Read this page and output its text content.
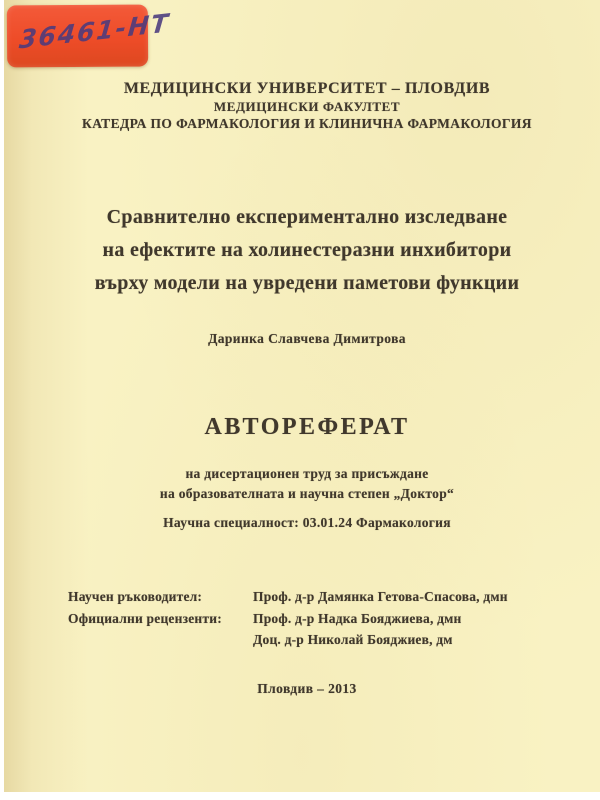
МЕДИЦИНСКИ УНИВЕРСИТЕТ – ПЛОВДИВ
МЕДИЦИНСКИ ФАКУЛТЕТ
КАТЕДРА ПО ФАРМАКОЛОГИЯ И КЛИНИЧНА ФАРМАКОЛОГИЯ
Сравнително експериментално изследване
на ефектите на холинестеразни инхибитори
върху модели на увредени паметови функции
Даринка Славчева Димитрова
АВТОРЕФЕРАТ
на дисертационен труд за присъждане
на образователната и научна степен „Доктор“
Научна специалност: 03.01.24 Фармакология
Научен ръководител:	Проф. д-р Дамянка Гетова-Спасова, дмн
Официални рецензенти:	Проф. д-р Надка Бояджиева, дмн
Доц. д-р Николай Бояджиев, дм
Пловдив – 2013
36461-НТ
